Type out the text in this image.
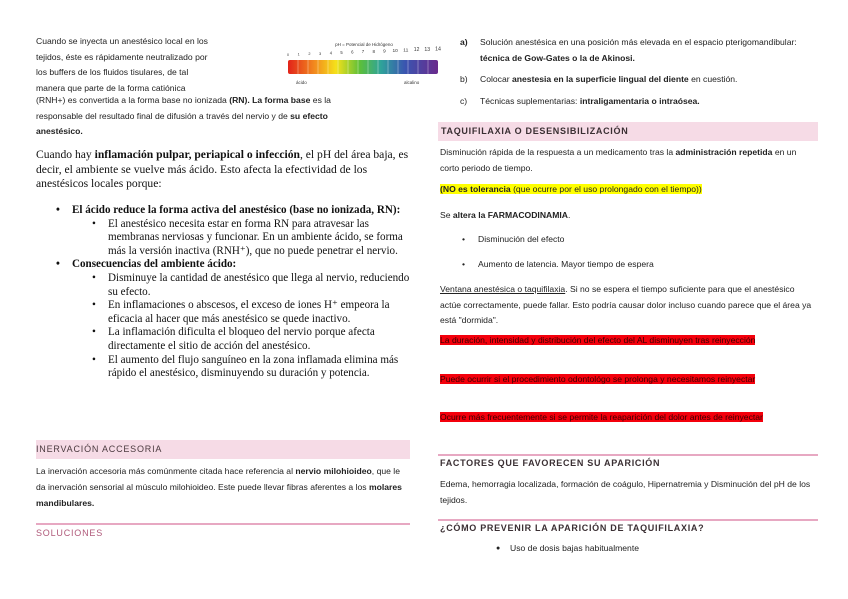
Cuando se inyecta un anestésico local en los
tejidos, éste es rápidamente neutralizado por
los buffers de los fluidos tisulares, de tal
manera que parte de la forma catiónica
(RNH+) es convertida a la forma base no ionizada (RN). La forma base es la
responsable del resultado final de difusión a través del nervio y de su efecto
anestésico.
pH = Potencial de Hidrógeno
0 1 2 3 4 5 6 7 8 9 10 11 12 13 14
ácido	alcalino
Cuando hay inflamación pulpar, periapical o infección, el pH del área baja, es decir, el ambiente se vuelve más ácido. Esto afecta la efectividad de los anestésicos locales porque:
• El ácido reduce la forma activa del anestésico (base no ionizada, RN):
• El anestésico necesita estar en forma RN para atravesar las membranas nerviosas y funcionar. En un ambiente ácido, se forma más la versión inactiva (RNH⁺), que no puede penetrar el nervio.
• Consecuencias del ambiente ácido:
• Disminuye la cantidad de anestésico que llega al nervio, reduciendo su efecto.
• En inflamaciones o abscesos, el exceso de iones H⁺ empeora la eficacia al hacer que más anestésico se quede inactivo.
• La inflamación dificulta el bloqueo del nervio porque afecta directamente el sitio de acción del anestésico.
• El aumento del flujo sanguíneo en la zona inflamada elimina más rápido el anestésico, disminuyendo su duración y potencia.
INERVACIÓN ACCESORIA
La inervación accesoria más comúnmente citada hace referencia al nervio milohioideo, que le da inervación sensorial al músculo milohioideo. Este puede llevar fibras aferentes a los molares mandibulares.
SOLUCIONES
a) Solución anestésica en una posición más elevada en el espacio pterigomandibular: técnica de Gow-Gates o la de Akinosi.
b) Colocar anestesia en la superficie lingual del diente en cuestión.
c) Técnicas suplementarias: intraligamentaria o intraósea.
TAQUIFILAXIA O DESENSIBILIZACIÓN
Disminución rápida de la respuesta a un medicamento tras la administración repetida en un corto periodo de tiempo.
(NO es tolerancia (que ocurre por el uso prolongado con el tiempo))
Se altera la FARMACODINAMIA.
• Disminución del efecto
• Aumento de latencia. Mayor tiempo de espera
Ventana anestésica o taquifilaxia. Si no se espera el tiempo suficiente para que el anestésico actúe correctamente, puede fallar. Esto podría causar dolor incluso cuando parece que el área ya está "dormida".
La duración, intensidad y distribución del efecto del AL disminuyen tras reinyección
Puede ocurrir si el procedimiento odontológo se prolonga y necesitamos reinyectar
Ocurre más frecuentemente si se permite la reaparición del dolor antes de reinyectar
FACTORES QUE FAVORECEN SU APARICIÓN
Edema, hemorragia localizada, formación de coágulo, Hipernatremia y Disminución del pH de los tejidos.
¿CÓMO PREVENIR LA APARICIÓN DE TAQUIFILAXIA?
● Uso de dosis bajas habitualmente
